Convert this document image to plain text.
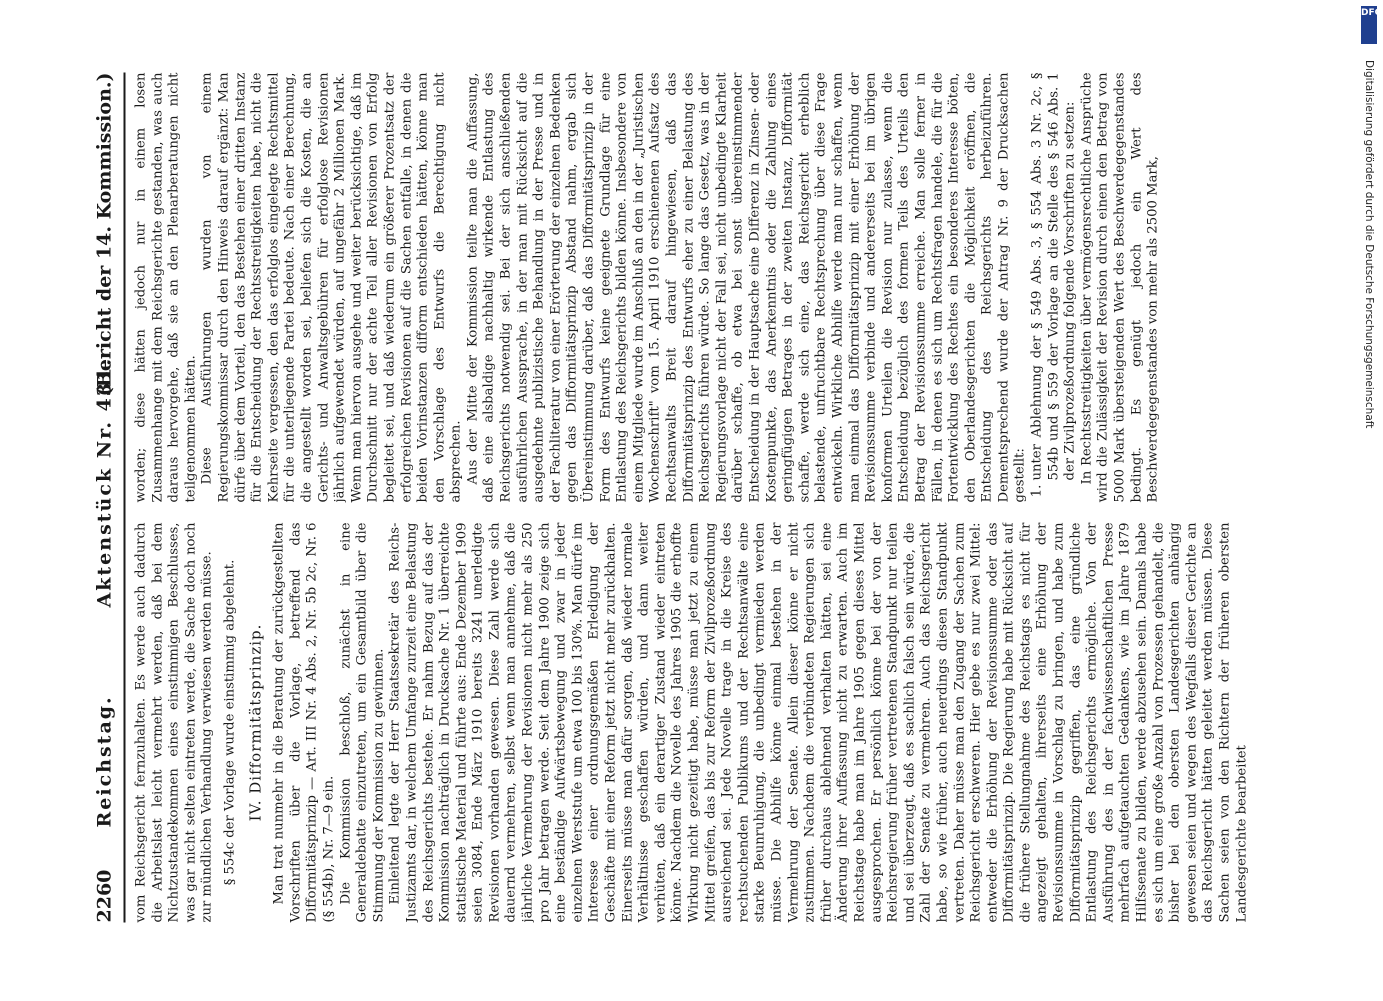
2260
Reichstag.
Aktenstück Nr. 431.
(Bericht der 14. Kommission.)

vom Reichsgericht fernzuhalten. Es werde auch dadurch die Arbeitslast leicht vermehrt werden, daß bei dem Nichtzustandekommen eines einstimmigen Beschlusses, was gar nicht selten eintreten werde, die Sache doch noch zur mündlichen Verhandlung verwiesen werden müsse. § 554c der Vorlage wurde einstimmig abgelehnt. IV. Difformitätsprinzip. Man trat nunmehr in die Beratung der zurückgestellten Vorschriften über die Vorlage, betreffend das Difformitätsprinzip — Art. III Nr. 4 Abs. 2, Nr. 5b 2c, Nr. 6 (§ 554b), Nr. 7—9 ein. Die Kommission beschloß, zunächst in eine Generaldebatte einzutreten, um ein Gesamtbild über die Stimmung der Kommission zu gewinnen. Einleitend legte der Herr Staatssekretär des Reichs-Justizamts dar, in welchem Umfange zurzeit eine Belastung des Reichsgerichts bestehe. Er nahm Bezug auf das der Kommission nachträglich in Drucksache Nr. 1 überreichte statistische Material und führte aus: Ende Dezember 1909 seien 3084, Ende März 1910 bereits 3241 unerledigte Revisionen vorhanden gewesen. Diese Zahl werde sich dauernd vermehren, selbst wenn man annehme, daß die jährliche Vermehrung der Revisionen nicht mehr als 250 pro Jahr betragen werde. Seit dem Jahre 1900 zeige sich eine beständige Aufwärtsbewegung und zwar in jeder einzelnen Werststufe um etwa 100 bis 130%. Man dürfe im Interesse einer ordnungsgemäßen Erledigung der Geschäfte mit einer Reform jetzt nicht mehr zurückhalten. Einerseits müsse man dafür sorgen, daß wieder normale Verhältnisse geschaffen würden, und dann weiter verhüten, daß ein derartiger Zustand wieder eintreten könne. Nachdem die Novelle des Jahres 1905 die erhoffte Wirkung nicht gezeitigt habe, müsse man jetzt zu einem Mittel greifen, das bis zur Reform der Zivilprozeßordnung ausreichend sei. Jede Novelle trage in die Kreise des rechtsuchenden Publikums und der Rechtsanwälte eine starke Beunruhigung, die unbedingt vermieden werden müsse. Die Abhilfe könne einmal bestehen in der Vermehrung der Senate. Allein dieser könne er nicht zustimmen. Nachdem die verbündeten Regierungen sich früher durchaus ablehnend verhalten hätten, sei eine Änderung ihrer Auffassung nicht zu erwarten. Auch im Reichstage habe man im Jahre 1905 gegen dieses Mittel ausgesprochen. Er persönlich könne bei der von der Reichsregierung früher vertretenen Standpunkt nur teilen und sei überzeugt, daß es sachlich falsch sein würde, die Zahl der Senate zu vermehren. Auch das Reichsgericht habe, so wie früher, auch neuerdings diesen Standpunkt vertreten. Daher müsse man den Zugang der Sachen zum Reichsgericht erschweren. Hier gebe es nur zwei Mittel: entweder die Erhöhung der Revisionssumme oder das Difformitätsprinzip. Die Regierung habe mit Rücksicht auf die frühere Stellungnahme des Reichstags es nicht für angezeigt gehalten, ihrerseits eine Erhöhung der Revisionssumme in Vorschlag zu bringen, und habe zum Difformitätsprinzip gegriffen, das eine gründliche Entlastung des Reichsgerichts ermögliche. Von der Ausführung des in der fachwissenschaftlichen Presse mehrfach aufgetauchten Gedankens, wie im Jahre 1879 Hilfssenate zu bilden, werde abzusehen sein. Damals habe es sich um eine große Anzahl von Prozessen gehandelt, die bisher bei den obersten Landesgerichten anhängig gewesen seien und wegen des Wegfalls dieser Gerichte an das Reichsgericht hätten geleitet werden müssen. Diese Sachen seien von den Richtern der früheren obersten Landesgerichte bearbeitet

worden; diese hätten jedoch nur in einem losen Zusammenhange mit dem Reichsgerichte gestanden, was auch daraus hervorgehe, daß sie an den Plenarberatungen nicht teilgenommen hätten. Diese Ausführungen wurden von einem Regierungskommissar durch den Hinweis darauf ergänzt: Man dürfe über dem Vorteil, den das Bestehen einer dritten Instanz für die Entscheidung der Rechtsstreitigkeiten habe, nicht die Kehrseite vergessen, den das erfolglos eingelegte Rechtsmittel für die unterliegende Partei bedeute. Nach einer Berechnung, die angestellt worden sei, beliefen sich die Kosten, die an Gerichts- und Anwaltsgebühren für erfolglose Revisionen jährlich aufgewendet würden, auf ungefähr 2 Millionen Mark. Wenn man hiervon ausgehe und weiter berücksichtige, daß im Durchschnitt nur der achte Teil aller Revisionen von Erfolg begleitet sei, und daß wiederum ein größerer Prozentsatz der erfolgreichen Revisionen auf die Sachen entfalle, in denen die beiden Vorinstanzen difform entschieden hätten, könne man den Vorschlage des Entwurfs die Berechtigung nicht absprechen. Aus der Mitte der Kommission teilte man die Auffassung, daß eine alsbaldige nachhaltig wirkende Entlastung des Reichsgerichts notwendig sei. Bei der sich anschließenden ausführlichen Aussprache, in der man mit Rücksicht auf die ausgedehnte publizistische Behandlung in der Presse und in der Fachliteratur von einer Erörterung der einzelnen Bedenken gegen das Difformitätsprinzip Abstand nahm, ergab sich Übereinstimmung darüber, daß das Difformitätsprinzip in der Form des Entwurfs keine geeignete Grundlage für eine Entlastung des Reichsgerichts bilden könne. Insbesondere von einem Mitgliede wurde im Anschluß an den in der „Juristischen Wochenschrift" vom 15. April 1910 erschienenen Aufsatz des Rechtsanwalts Breit darauf hingewiesen, daß das Difformitätsprinzip des Entwurfs eher zu einer Belastung des Reichsgerichts führen würde. So lange das Gesetz, was in der Regierungsvorlage nicht der Fall sei, nicht unbedingte Klarheit darüber schaffe, ob etwa bei sonst übereinstimmender Entscheidung in der Hauptsache eine Differenz in Zinsen- oder Kostenpunkte, das Anerkenntnis oder die Zahlung eines geringfügigen Betrages in der zweiten Instanz, Difformität schaffe, werde sich eine, das Reichsgericht erheblich belastende, unfruchtbare Rechtsprechung über diese Frage entwickeln. Wirkliche Abhilfe werde man nur schaffen, wenn man einmal das Difformitätsprinzip mit einer Erhöhung der Revisionssumme verbinde und andererseits bei im übrigen konformen Urteilen die Revision nur zulasse, wenn die Entscheidung bezüglich des formen Teils des Urteils den Betrag der Revisionssumme erreiche. Man solle ferner in Fällen, in denen es sich um Rechtsfragen handele, die für die Fortentwicklung des Rechtes ein besonderes Interesse böten, den Oberlandesgerichten die Möglichkeit eröffnen, die Entscheidung des Reichsgerichts herbeizuführen. Dementsprechend wurde der Antrag Nr. 9 der Drucksachen gestellt:

1. unter Ablehnung der § 549 Abs. 3, § 554 Abs. 3 Nr. 2c, § 554b und § 559 der Vorlage an die Stelle des § 546 Abs. 1 der Zivilprozeßordnung folgende Vorschriften zu setzen: In Rechtsstreitigkeiten über vermögensrechtliche Ansprüche wird die Zulässigkeit der Revision durch einen den Betrag von 5000 Mark übersteigenden Wert des Beschwerdegegenstandes bedingt. Es genügt jedoch ein Wert des Beschwerdegegenstandes von mehr als 2500 Mark,

DFG
Digitalisierung gefördert durch die Deutsche Forschungsgemeinschaft
